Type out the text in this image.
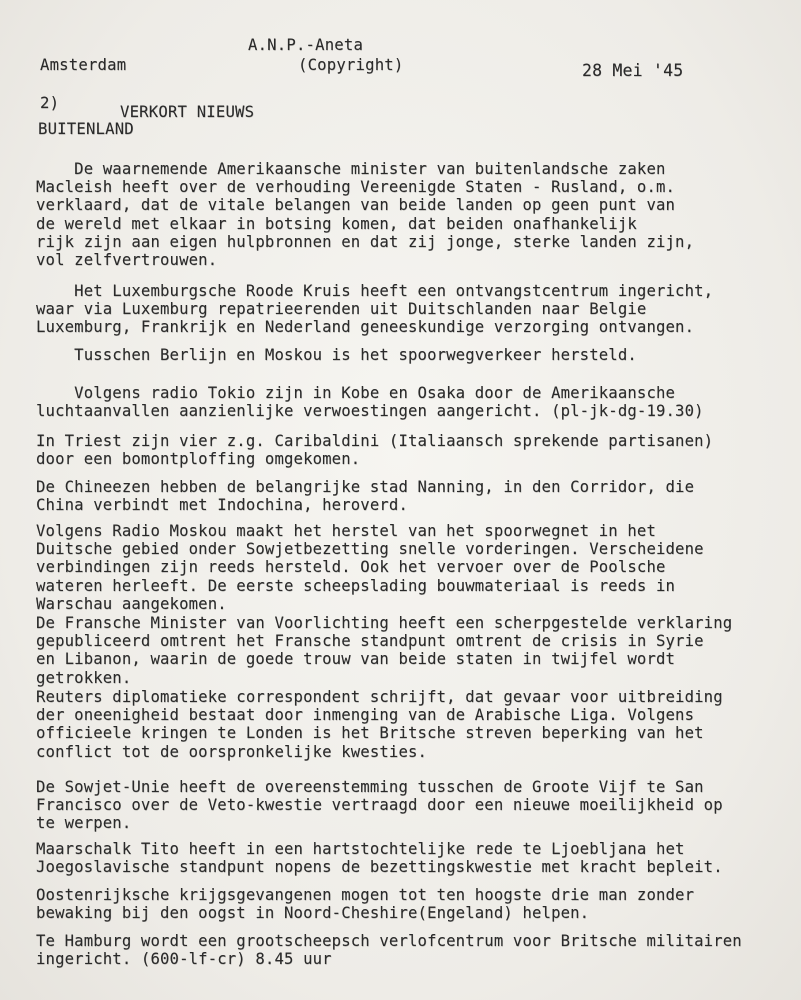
A.N.P.-Aneta
(Copyright)
Amsterdam	28 Mei '45
2)	VERKORT NIEUWS
BUITENLAND
De waarnemende Amerikaansche minister van buitenlandsche zaken
Macleish heeft over de verhouding Vereenigde Staten - Rusland, o.m.
verklaard, dat de vitale belangen van beide landen op geen punt van
de wereld met elkaar in botsing komen, dat beiden onafhankelijk
rijk zijn aan eigen hulpbronnen en dat zij jonge, sterke landen zijn,
vol zelfvertrouwen.
Het Luxemburgsche Roode Kruis heeft een ontvangstcentrum ingericht,
waar via Luxemburg repatrieerenden uit Duitschlanden naar Belgie
Luxemburg, Frankrijk en Nederland geneeskundige verzorging ontvangen.
Tusschen Berlijn en Moskou is het spoorwegverkeer hersteld.
Volgens radio Tokio zijn in Kobe en Osaka door de Amerikaansche
luchtaanvallen aanzienlijke verwoestingen aangericht. (pl-jk-dg-19.30)
In Triest zijn vier z.g. Caribaldini (Italiaansch sprekende partisanen)
door een bomontploffing omgekomen.
De Chineezen hebben de belangrijke stad Nanning, in den Corridor, die
China verbindt met Indochina, heroverd.
Volgens Radio Moskou maakt het herstel van het spoorwegnet in het
Duitsche gebied onder Sowjetbezetting snelle vorderingen. Verscheidene
verbindingen zijn reeds hersteld. Ook het vervoer over de Poolsche
wateren herleeft. De eerste scheepslading bouwmateriaal is reeds in
Warschau aangekomen.
De Fransche Minister van Voorlichting heeft een scherpgestelde verklaring
gepubliceerd omtrent het Fransche standpunt omtrent de crisis in Syrie
en Libanon, waarin de goede trouw van beide staten in twijfel wordt
getrokken.
Reuters diplomatieke correspondent schrijft, dat gevaar voor uitbreiding
der oneenigheid bestaat door inmenging van de Arabische Liga. Volgens
officieele kringen te Londen is het Britsche streven beperking van het
conflict tot de oorspronkelijke kwesties.
De Sowjet-Unie heeft de overeenstemming tusschen de Groote Vijf te San
Francisco over de Veto-kwestie vertraagd door een nieuwe moeilijkheid op
te werpen.
Maarschalk Tito heeft in een hartstochtelijke rede te Ljoebljana het
Joegoslavische standpunt nopens de bezettingskwestie met kracht bepleit.
Oostenrijksche krijgsgevangenen mogen tot ten hoogste drie man zonder
bewaking bij den oogst in Noord-Cheshire(Engeland) helpen.
Te Hamburg wordt een grootscheepsch verlofcentrum voor Britsche militairen
ingericht. (600-lf-cr) 8.45 uur
